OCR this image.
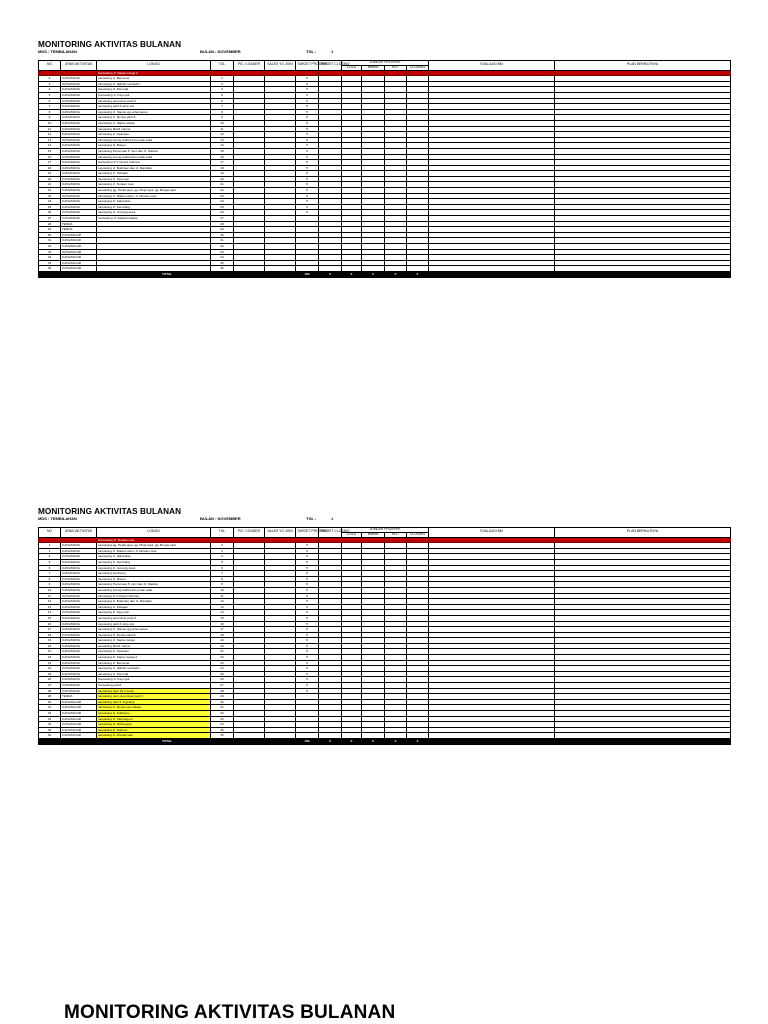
MONITORING AKTIVITAS BULANAN
MDS : TEMBILAHAN	BULAN : NOVEMBER	TGL :	1
NO	JENIS AKTIVITAS	LOKASI	TGL	PIC / LEADER	SALES YG JOIN	TARGET PROSPEK	TARGET CLOSING	JUMLAH PROSPEK				EVALUASI BM	PLAN BERIKUTNYA
								COLD	WARM	HOT	CLOSING		
1	CANVASING	Canvasing Jl. Sapta marga 2	1			5							
2	CANVASING	canvasing Jl. Bersama	2			5							
3	CANVASING	canvasing Jl. Sabilal muhtadin	3			5							
4	CANVASING	canvasing Jl. Pemuda	4			5							
5	CANVASING	Canvasing Jl. Kayu jati	5			5							
6	CANVASING	canvasing perumnas parit 3	6			5							
7	CANVASING	canvasing parit 6 simp sisi	7			5							
8	CANVASING	canvasing Jl. Slamet gg sehumanan	8			5							
9	CANVASING	canvasing Jl. Dertya parit 8	9			5							
10	CANVASING	canvasing Jl. Sapta marga	10			5							
11	CANVASING	canvasing Mobil marvel	11			5							
12	CANVASING	canvasing Jl. Keaspan	12			5							
13	CANVASING	canvasing lorong tauhid dan pulau arba	13			5							
14	CANVASING	canvasing Jl. Masyu	14			5							
15	CANVASING	canvasing Perumnas 5, simt dan Jl. Stadion	15			5							
16	CANVASING	canvasing lorong tauhid dan pulau arba	16			5							
17	CANVASING	Canvasing Jl 3 simpul rahmad	17			5							
18	CANVASING	canvasing Jl. Budiman dan Jl. Mandala	18			5							
19	CANVASING	canvasing Jl. Pekajan	19			5							
20	CANVASING	canvasing Jl. Kayu jati	20			5							
21	CANVASING	canvasing Jl. Tenaan mas	21			5							
22	CANVASING	canvasing gg. Perita jaya, gg. Pingi raya, gg. Bunga parit	22			5							
23	CANVASING	canvasing Jl. Riattut cilest, Jl. kilimam mas	23			5							
24	CANVASING	canvasing Jl. Sabanitas	24			5							
25	CANVASING	canvasing Jl. Kembang	25			5							
26	CANVASING	canvasing Jl. Gunung duek	26			5							
27	CANVASING	Canvasing Jl. Sabanii bakaw	27										
28	TENDA		28										
29	TENDA		29										
30	CANVASCAR		30										
31	CANVASCAR		31										
32	CANVASCAR		32										
33	CANVASCAR		33										
34	CANVASCAR		34										
35	CANVASCAR		35										
36	CANVASCAR		36										
TOTAL						180	0	0	0	0	0		
MONITORING AKTIVITAS BULANAN
MDS : TEMBILAHAN	BULAN : NOVEMBER	TGL :	1
NO	JENIS AKTIVITAS	LOKASI	TGL	PIC / LEADER	SALES YG JOIN	TARGET PROSPEK	TARGET CLOSING	JUMLAH PROSPEK				EVALUASI BM	PLAN BERIKUTNYA
								COLD	WARM	HOT	CLOSING		
1	CANVASING	Canvasing Jl. Tenaan mas	1			5							
2	CANVASING	canvasing gg. Perita jaya, gg. Pingi raya, gg. Bunga parit	2			5							
3	CANVASING	canvasing Jl. Riattut cilest, Jl. kilimam mas	3			5							
4	CANVASING	canvasing Jl. Sabanitas	4			5							
5	CANVASING	canvasing Jl. Kembang	5			5							
6	CANVASING	canvasing Jl. Gunung duek	6			5							
7	CANVASING	canvasing kembang	7			5							
8	CANVASING	canvasing Jl. Masyu	8			5							
9	CANVASING	canvasing Perumnas 5, simt dan Jl. Stadion	9			5							
10	CANVASING	canvasing lorong tauhid dan pulau arba	10			5							
11	CANVASING	canvasing Jl 3 simpul rahmad	11			5							
12	CANVASING	canvasing Jl. Budiman dan Jl. Mandala	12			5							
13	CANVASING	canvasing Jl. Pekajan	13			5							
14	CANVASING	canvasing Jl. Kayu jati	14			5							
15	CANVASING	canvasing perumnas parit 3	15			5							
16	CANVASING	canvasing parit 6 simp sisi	16			5							
17	CANVASING	canvasing Jl. Slamet gg sehumanan	17			5							
18	CANVASING	canvasing Jl. Dertya parit 8	18			5							
19	CANVASING	canvasing Jl. Sapta marga	19			5							
20	CANVASING	canvasing Mobil marvel	20			5							
21	CANVASING	canvasing Jl. Keaspan	21			5							
22	CANVASING	canvasing Jl. Sapta marga 2	22			5							
23	CANVASING	canvasing Jl. Bersama	23			5							
24	CANVASING	canvasing Jl. Sabilal muhtadin	24			5							
25	CANVASING	canvasing Jl. Pemuda	25			5							
26	CANVASING	Canvasing Jl. Kayu jati	26			5							
27	CANVASING	Canvasing parit4	27			5							
28	CANVASING	canvasing parit 15 h senty	28			5							
29	TENDA	canvasing pom perumnas parit 3	29										
30	CANVASCAR	canvasing parit 5 Jl gerilya	30										
31	CANVASCAR	canvasing Jl. Dertya pemudaan	31										
32	CANVASCAR	canvasing Jl. Sudirjono	32										
33	CANVASCAR	canvasing Jl. Kasmegoro	33										
34	CANVASCAR	canvasing Jl. Perita jaya	34										
35	CANVASCAR	canvasing Jl. Sutomo	35										
36	CANVASCAR	canvasing Jl. Ahmad yani	36										
TOTAL						180	0	0	0	0	0		
MONITORING AKTIVITAS BULANAN
